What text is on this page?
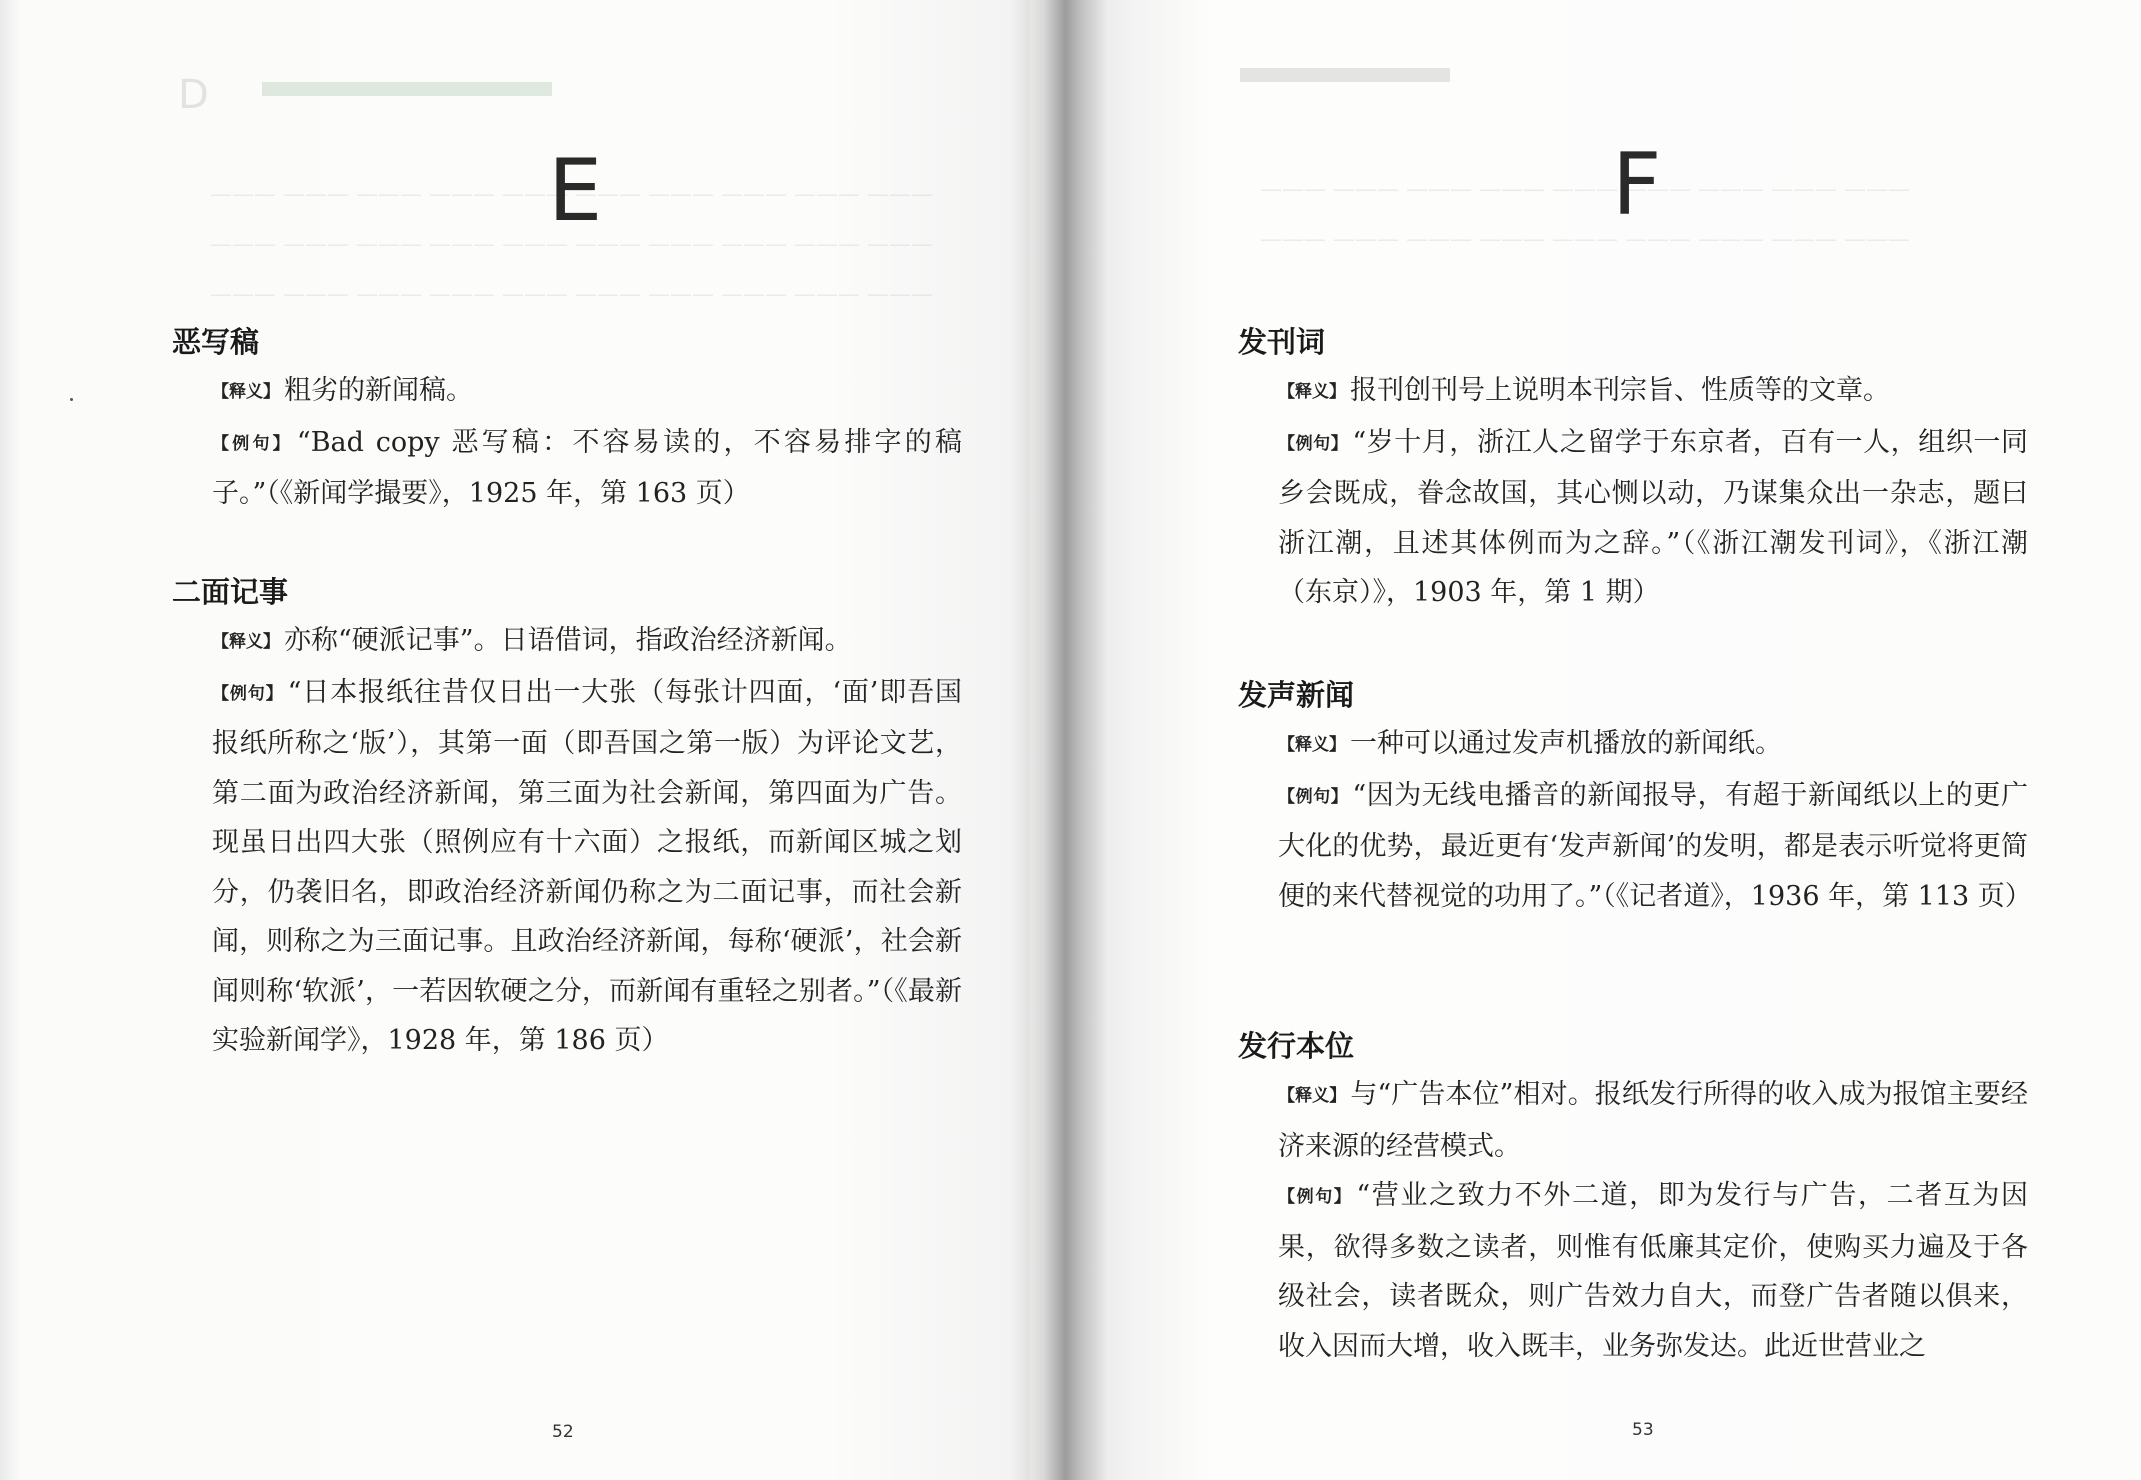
D
——— ——— ——— ——— ——— ——— ——— ——— ——— ———
——— ——— ——— ——— ——— ——— ——— ——— ——— ———
——— ——— ——— ——— ——— ——— ——— ——— ——— ———
E
恶写稿
【释义】 粗劣的新闻稿。
【例句】 “Bad copy 恶写稿：不容易读的，不容易排字的稿子。”（《新闻学撮要》，1925 年，第 163 页）
二面记事
【释义】 亦称“硬派记事”。日语借词，指政治经济新闻。
【例句】 “日本报纸往昔仅日出一大张（每张计四面，‘面’即吾国报纸所称之‘版’），其第一面（即吾国之第一版）为评论文艺，第二面为政治经济新闻，第三面为社会新闻，第四面为广告。现虽日出四大张（照例应有十六面）之报纸，而新闻区城之划分，仍袭旧名，即政治经济新闻仍称之为二面记事，而社会新闻，则称之为三面记事。且政治经济新闻，每称‘硬派’，社会新闻则称‘软派’，一若因软硬之分，而新闻有重轻之别者。”（《最新实验新闻学》，1928 年，第 186 页）
52
——— ——— ——— ——— ——— ——— ——— ——— ———
——— ——— ——— ——— ——— ——— ——— ——— ———
F
发刊词
【释义】 报刊创刊号上说明本刊宗旨、性质等的文章。
【例句】 “岁十月，浙江人之留学于东京者，百有一人，组织一同乡会既成，眷念故国，其心恻以动，乃谋集众出一杂志，题曰浙江潮，且述其体例而为之辞。”（《浙江潮发刊词》，《浙江潮（东京）》，1903 年，第 1 期）
发声新闻
【释义】 一种可以通过发声机播放的新闻纸。
【例句】 “因为无线电播音的新闻报导，有超于新闻纸以上的更广大化的优势，最近更有‘发声新闻’的发明，都是表示听觉将更简便的来代替视觉的功用了。”（《记者道》，1936 年，第 113 页）
发行本位
【释义】 与“广告本位”相对。报纸发行所得的收入成为报馆主要经济来源的经营模式。
【例句】 “营业之致力不外二道，即为发行与广告，二者互为因果，欲得多数之读者，则惟有低廉其定价，使购买力遍及于各级社会，读者既众，则广告效力自大，而登广告者随以俱来，收入因而大增，收入既丰，业务弥发达。此近世营业之
53
